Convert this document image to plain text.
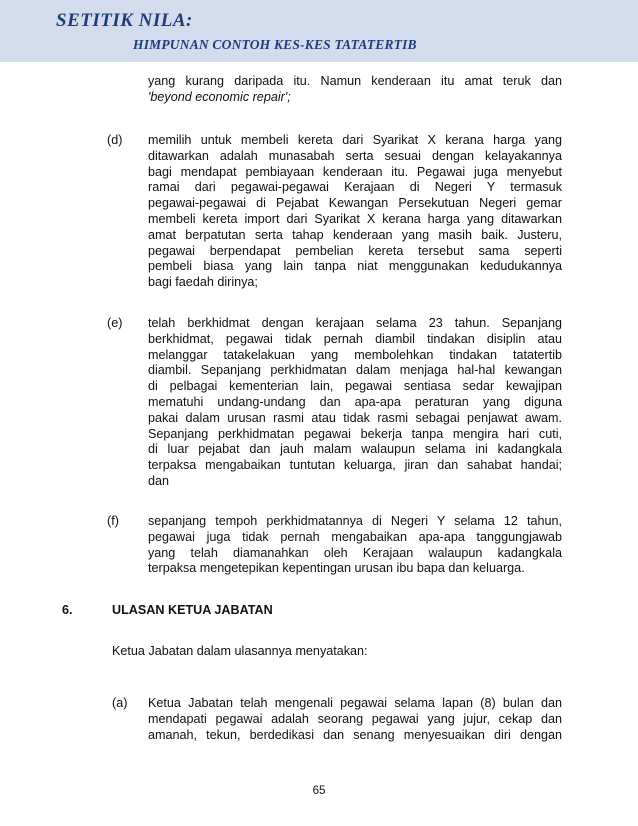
SETITIK NILA:
HIMPUNAN CONTOH KES-KES TATATERTIB
yang kurang daripada itu. Namun kenderaan itu amat teruk dan
'beyond economic repair';
(d) memilih untuk membeli kereta dari Syarikat X kerana harga yang
ditawarkan adalah munasabah serta sesuai dengan kelayakannya
bagi mendapat pembiayaan kenderaan itu. Pegawai juga menyebut
ramai dari pegawai-pegawai Kerajaan di Negeri Y termasuk
pegawai-pegawai di Pejabat Kewangan Persekutuan Negeri gemar
membeli kereta import dari Syarikat X kerana harga yang ditawarkan
amat berpatutan serta tahap kenderaan yang masih baik. Justeru,
pegawai berpendapat pembelian kereta tersebut sama seperti
pembeli biasa yang lain tanpa niat menggunakan kedudukannya
bagi faedah dirinya;
(e) telah berkhidmat dengan kerajaan selama 23 tahun. Sepanjang
berkhidmat, pegawai tidak pernah diambil tindakan disiplin atau
melanggar tatakelakuan yang membolehkan tindakan tatatertib
diambil. Sepanjang perkhidmatan dalam menjaga hal-hal kewangan
di pelbagai kementerian lain, pegawai sentiasa sedar kewajipan
mematuhi undang-undang dan apa-apa peraturan yang diguna
pakai dalam urusan rasmi atau tidak rasmi sebagai penjawat awam.
Sepanjang perkhidmatan pegawai bekerja tanpa mengira hari cuti,
di luar pejabat dan jauh malam walaupun selama ini kadangkala
terpaksa mengabaikan tuntutan keluarga, jiran dan sahabat handai;
dan
(f) sepanjang tempoh perkhidmatannya di Negeri Y selama 12 tahun,
pegawai juga tidak pernah mengabaikan apa-apa tanggungjawab
yang telah diamanahkan oleh Kerajaan walaupun kadangkala
terpaksa mengetepikan kepentingan urusan ibu bapa dan keluarga.
6.	ULASAN KETUA JABATAN
Ketua Jabatan dalam ulasannya menyatakan:
(a) Ketua Jabatan telah mengenali pegawai selama lapan (8) bulan dan
mendapati pegawai adalah seorang pegawai yang jujur, cekap dan
amanah, tekun, berdedikasi dan senang menyesuaikan diri dengan
65
